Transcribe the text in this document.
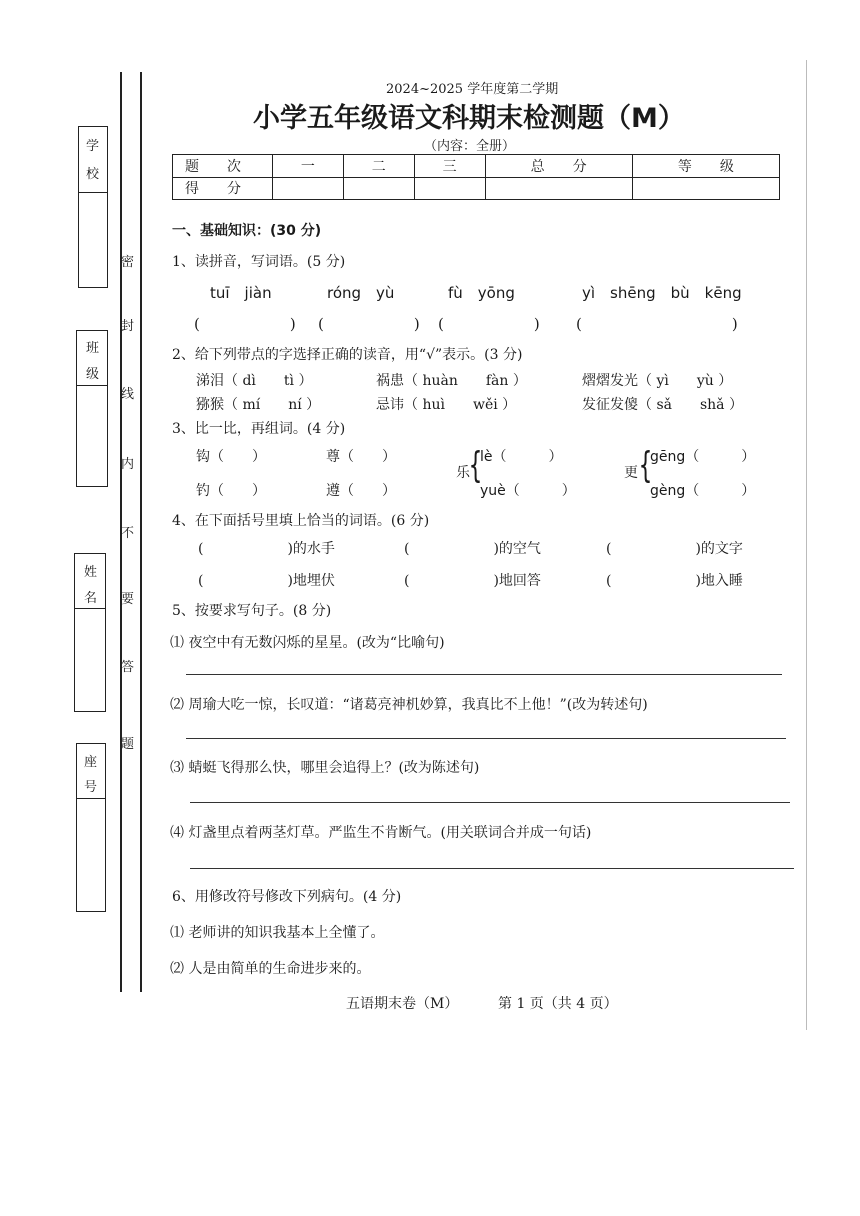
学
校
班
级
姓
名
座
号
密
封
线
内
不
要
答
题
2024~2025 学年度第二学期
小学五年级语文科期末检测题（M）
（内容：全册）
题　　次	一	二	三	总　　分	等　　级
得　　分					
一、基础知识：(30 分)
1、读拼音，写词语。(5 分)
tuī　jiàn	róng　yù	fù　yōng	yì　shēng　bù　kēng
(　　　　　　) (　　　　　　) (　　　　　　) (　　　　　　　　　　)
2、给下列带点的字选择正确的读音，用“√”表示。(3 分)
涕泪（ dì　　tì ）	祸患（ huàn　　fàn ）	熠熠发光（ yì　　yù ）
猕猴（ mí　　ní ）	忌讳（ huì　　wěi ）	发征发傻（ sǎ　　shǎ ）
3、比一比，再组词。(4 分)
钩（　　）	尊（　　）
钓（　　）	遵（　　）
乐
{
lè（　　　）
yuè（　　　）
更 {
gēng（　　　）
gèng（　　　）
4、在下面括号里填上恰当的词语。(6 分)
(　　　　　　)的水手	(　　　　　　)的空气	(　　　　　　)的文字
(　　　　　　)地埋伏	(　　　　　　)地回答	(　　　　　　)地入睡
5、按要求写句子。(8 分)
⑴ 夜空中有无数闪烁的星星。(改为“比喻句)
⑵ 周瑜大吃一惊，长叹道：“诸葛亮神机妙算，我真比不上他！”(改为转述句)
⑶ 蜻蜓飞得那么快，哪里会追得上？(改为陈述句)
⑷ 灯盏里点着两茎灯草。严监生不肯断气。(用关联词合并成一句话)
6、用修改符号修改下列病句。(4 分)
⑴ 老师讲的知识我基本上全懂了。
⑵ 人是由简单的生命进步来的。
五语期末卷（M）	第 1 页（共 4 页）
